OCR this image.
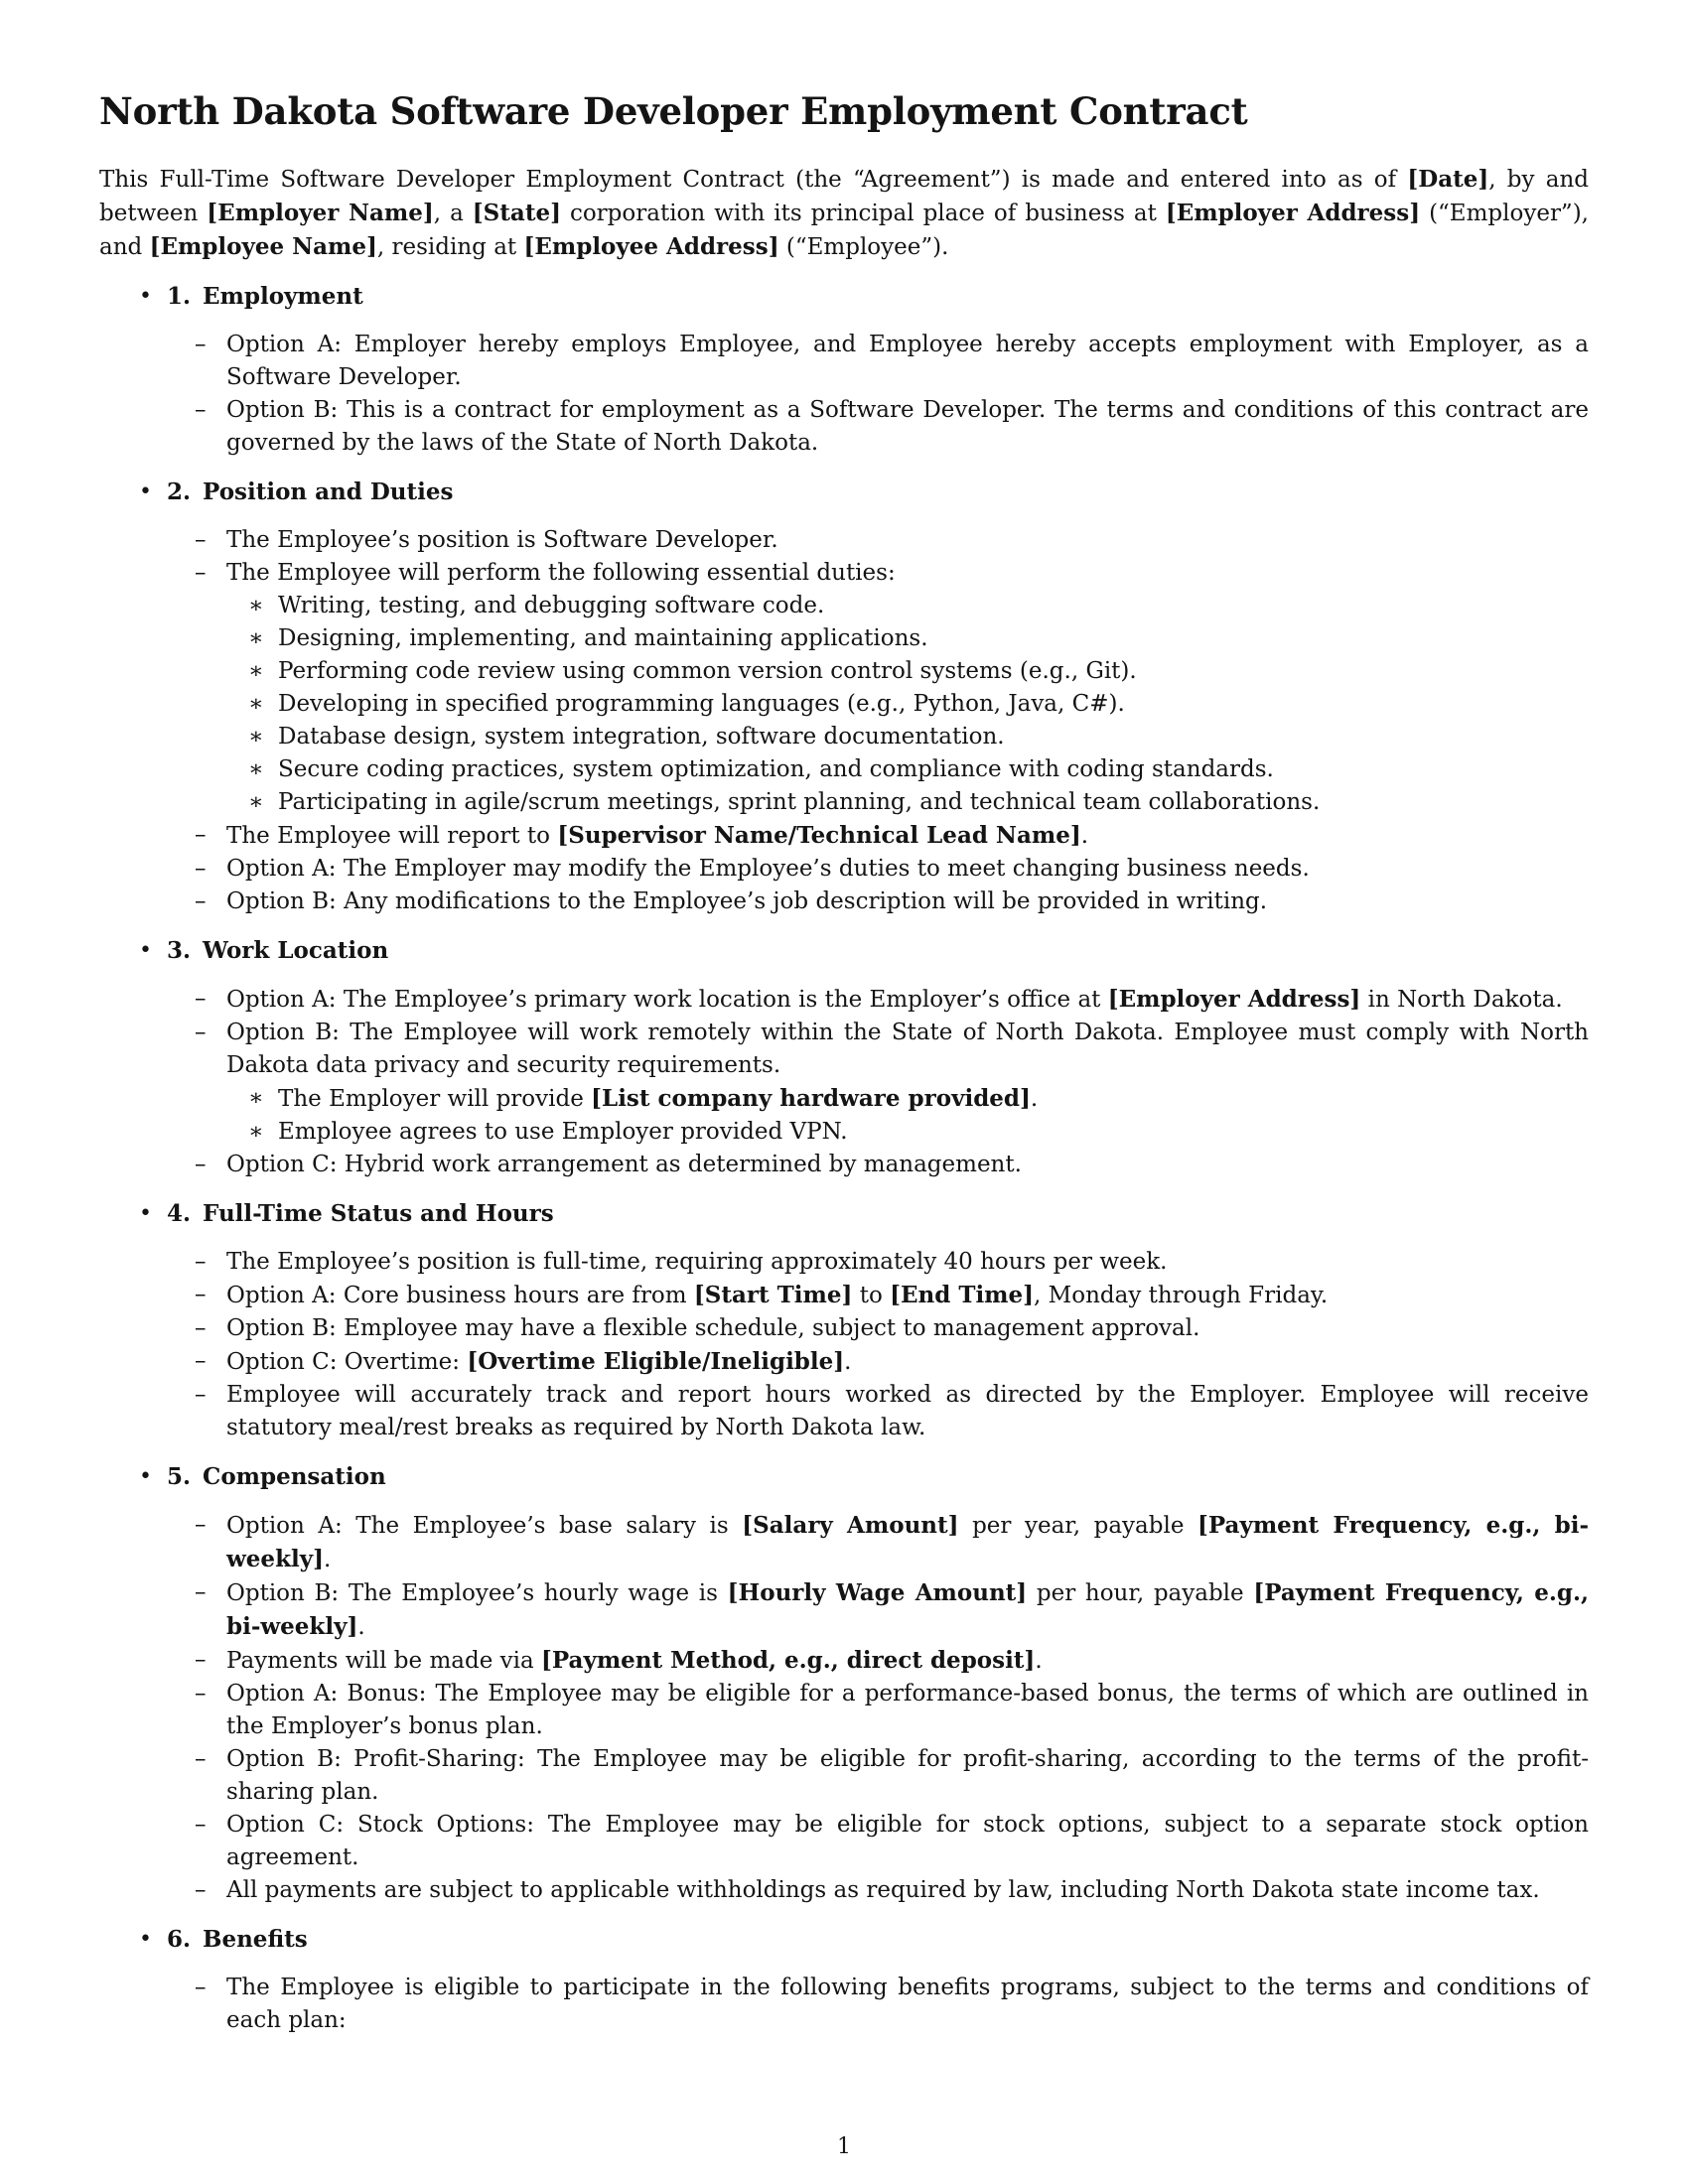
North Dakota Software Developer Employment Contract

This Full-Time Software Developer Employment Contract (the “Agreement”) is made and entered into as of [Date], by and between [Employer Name], a [State] corporation with its principal place of business at [Employer Address] (“Employer”), and [Employee Name], residing at [Employee Address] (“Employee”).

• 1. Employment
– Option A: Employer hereby employs Employee, and Employee hereby accepts employment with Employer, as a Software Developer.
– Option B: This is a contract for employment as a Software Developer. The terms and conditions of this contract are governed by the laws of the State of North Dakota.
• 2. Position and Duties
– The Employee’s position is Software Developer.
– The Employee will perform the following essential duties:
∗ Writing, testing, and debugging software code.
∗ Designing, implementing, and maintaining applications.
∗ Performing code review using common version control systems (e.g., Git).
∗ Developing in specified programming languages (e.g., Python, Java, C#).
∗ Database design, system integration, software documentation.
∗ Secure coding practices, system optimization, and compliance with coding standards.
∗ Participating in agile/scrum meetings, sprint planning, and technical team collaborations.
– The Employee will report to [Supervisor Name/Technical Lead Name].
– Option A: The Employer may modify the Employee’s duties to meet changing business needs.
– Option B: Any modifications to the Employee’s job description will be provided in writing.
• 3. Work Location
– Option A: The Employee’s primary work location is the Employer’s office at [Employer Address] in North Dakota.
– Option B: The Employee will work remotely within the State of North Dakota. Employee must comply with North Dakota data privacy and security requirements.
∗ The Employer will provide [List company hardware provided].
∗ Employee agrees to use Employer provided VPN.
– Option C: Hybrid work arrangement as determined by management.
• 4. Full-Time Status and Hours
– The Employee’s position is full-time, requiring approximately 40 hours per week.
– Option A: Core business hours are from [Start Time] to [End Time], Monday through Friday.
– Option B: Employee may have a flexible schedule, subject to management approval.
– Option C: Overtime: [Overtime Eligible/Ineligible].
– Employee will accurately track and report hours worked as directed by the Employer. Employee will receive statutory meal/rest breaks as required by North Dakota law.
• 5. Compensation
– Option A: The Employee’s base salary is [Salary Amount] per year, payable [Payment Frequency, e.g., bi-weekly].
– Option B: The Employee’s hourly wage is [Hourly Wage Amount] per hour, payable [Payment Frequency, e.g., bi-weekly].
– Payments will be made via [Payment Method, e.g., direct deposit].
– Option A: Bonus: The Employee may be eligible for a performance-based bonus, the terms of which are outlined in the Employer’s bonus plan.
– Option B: Profit-Sharing: The Employee may be eligible for profit-sharing, according to the terms of the profit-sharing plan.
– Option C: Stock Options: The Employee may be eligible for stock options, subject to a separate stock option agreement.
– All payments are subject to applicable withholdings as required by law, including North Dakota state income tax.
• 6. Benefits
– The Employee is eligible to participate in the following benefits programs, subject to the terms and conditions of each plan:
1
